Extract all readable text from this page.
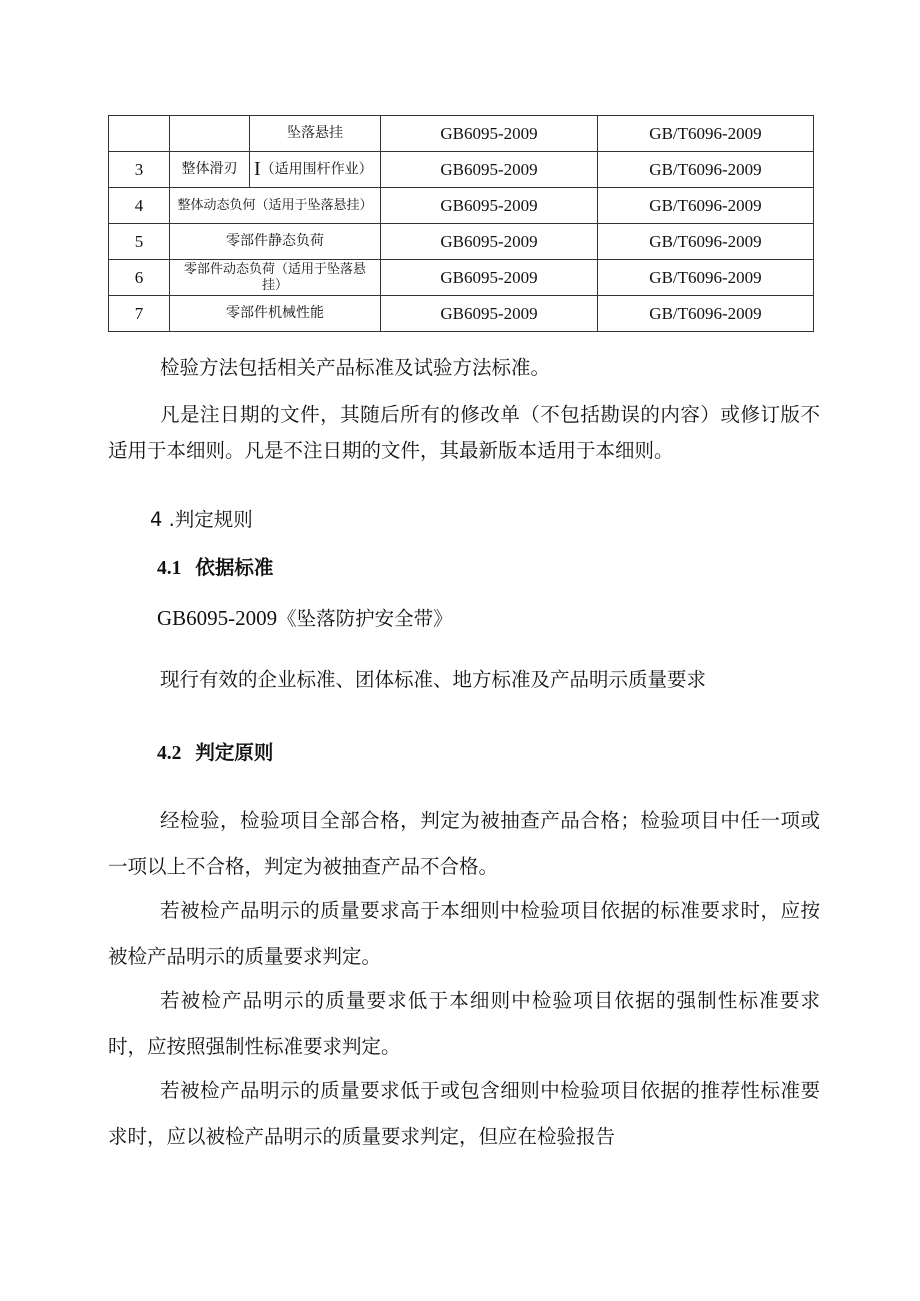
		坠落悬挂	GB6095-2009	GB/T6096-2009
3	整体滑刃	I（适用围杆作业）	GB6095-2009	GB/T6096-2009
4	整体动态负何（适用于坠落悬挂）		GB6095-2009	GB/T6096-2009
5	零部件静态负荷		GB6095-2009	GB/T6096-2009
6	零部件动态负荷（适用于坠落悬挂）		GB6095-2009	GB/T6096-2009
7	零部件机械性能		GB6095-2009	GB/T6096-2009

检验方法包括相关产品标准及试验方法标准。

凡是注日期的文件，其随后所有的修改单（不包括勘误的内容）或修订版不适用于本细则。凡是不注日期的文件，其最新版本适用于本细则。

4 .判定规则

4.1 依据标准

GB6095-2009《坠落防护安全带》

现行有效的企业标准、团体标准、地方标准及产品明示质量要求

4.2 判定原则

经检验，检验项目全部合格，判定为被抽查产品合格；检验项目中任一项或一项以上不合格，判定为被抽查产品不合格。

若被检产品明示的质量要求高于本细则中检验项目依据的标准要求时，应按被检产品明示的质量要求判定。

若被检产品明示的质量要求低于本细则中检验项目依据的强制性标准要求时，应按照强制性标准要求判定。

若被检产品明示的质量要求低于或包含细则中检验项目依据的推荐性标准要求时，应以被检产品明示的质量要求判定，但应在检验报告
